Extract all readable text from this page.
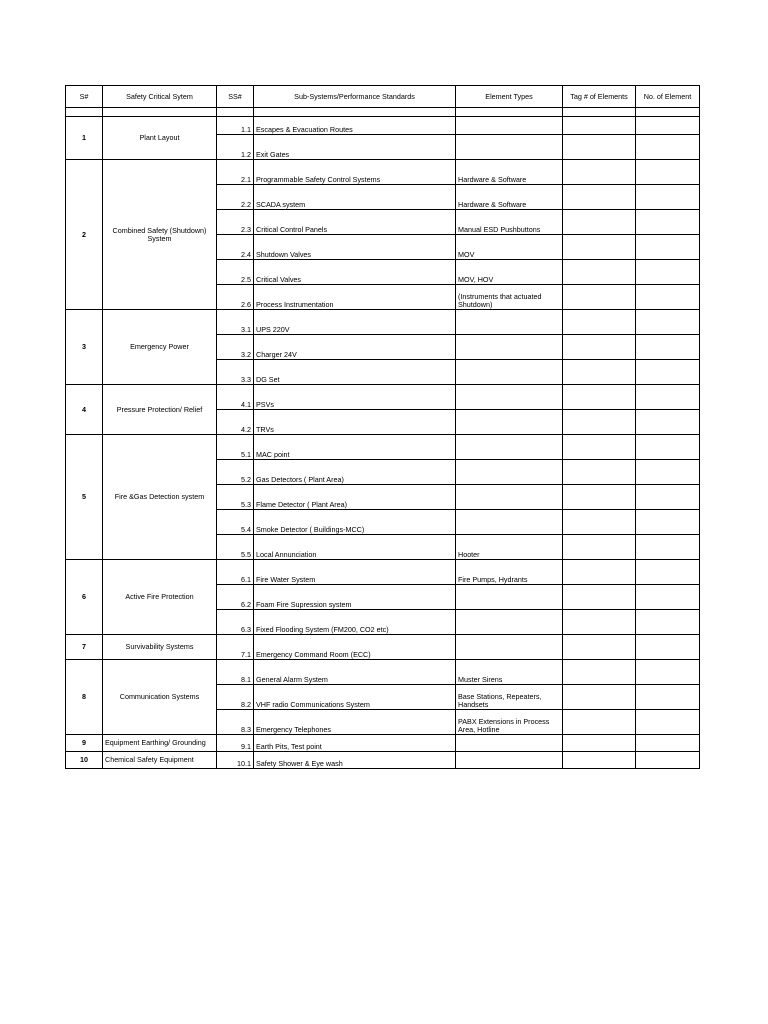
S#	Safety Critical Sytem	SS#	Sub-Systems/Performance Standards	Element Types	Tag # of Elements	No. of Element

1	Plant Layout	1.1	Escapes & Evacuation Routes			
		1.2	Exit Gates			
2	Combined Safety (Shutdown) System	2.1	Programmable Safety Control Systems	Hardware & Software		
		2.2	SCADA system	Hardware & Software		
		2.3	Critical Control Panels	Manual ESD Pushbuttons		
		2.4	Shutdown Valves	MOV		
		2.5	Critical Valves	MOV, HOV		
		2.6	Process Instrumentation	(Instruments that actuated Shutdown)		
3	Emergency Power	3.1	UPS 220V			
		3.2	Charger 24V			
		3.3	DG Set			
4	Pressure Protection/ Relief	4.1	PSVs			
		4.2	TRVs			
5	Fire &Gas Detection system	5.1	MAC point			
		5.2	Gas Detectors ( Plant Area)			
		5.3	Flame Detector ( Plant Area)			
		5.4	Smoke Detector ( Buildings-MCC)			
		5.5	Local Annunciation	Hooter		
6	Active Fire Protection	6.1	Fire Water System	Fire Pumps, Hydrants		
		6.2	Foam Fire Supression system			
		6.3	Fixed Flooding System (FM200, CO2 etc)			
7	Survivability Systems	7.1	Emergency Command Room (ECC)			
8	Communication Systems	8.1	General Alarm System	Muster Sirens		
		8.2	VHF radio Communications System	Base Stations, Repeaters, Handsets		
		8.3	Emergency Telephones	PABX Extensions in Process Area, Hotline		
9	Equipment Earthing/ Grounding	9.1	Earth Pits, Test point			
10	Chemical Safety Equipment	10.1	Safety Shower & Eye wash			
